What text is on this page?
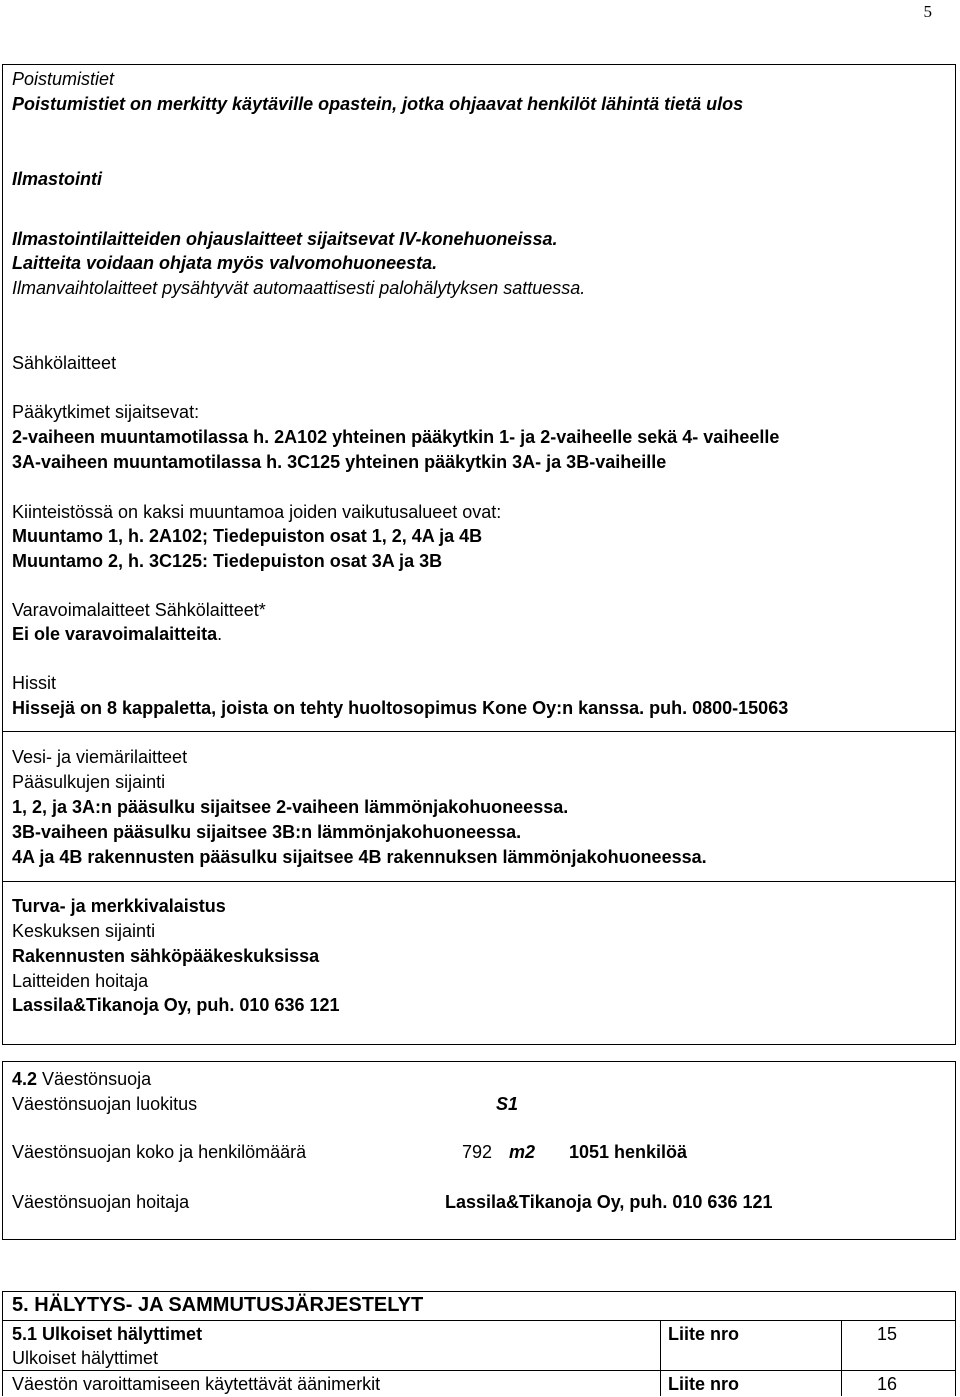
5
Poistumistiet
Poistumistiet on merkitty käytäville opastein, jotka ohjaavat henkilöt lähintä tietä ulos
Ilmastointi
Ilmastointilaitteiden ohjauslaitteet sijaitsevat IV-konehuoneissa.
Laitteita voidaan ohjata myös valvomohuoneesta.
Ilmanvaihtolaitteet pysähtyvät automaattisesti palohälytyksen sattuessa.
Sähkölaitteet
Pääkytkimet sijaitsevat:
2-vaiheen muuntamotilassa h. 2A102 yhteinen pääkytkin 1- ja 2-vaiheelle sekä 4- vaiheelle
3A-vaiheen muuntamotilassa h. 3C125 yhteinen pääkytkin 3A- ja 3B-vaiheille
Kiinteistössä on kaksi muuntamoa joiden vaikutusalueet ovat:
Muuntamo 1, h. 2A102; Tiedepuiston osat 1, 2, 4A ja 4B
Muuntamo 2, h. 3C125: Tiedepuiston osat 3A ja 3B
Varavoimalaitteet Sähkölaitteet*
Ei ole varavoimalaitteita.
Hissit
Hissejä on 8 kappaletta, joista on tehty huoltosopimus Kone Oy:n kanssa. puh. 0800-15063
Vesi- ja viemärilaitteet
Pääsulkujen sijainti
1, 2, ja 3A:n pääsulku sijaitsee 2-vaiheen lämmönjakohuoneessa.
3B-vaiheen pääsulku sijaitsee 3B:n lämmönjakohuoneessa.
4A ja 4B rakennusten pääsulku sijaitsee 4B rakennuksen lämmönjakohuoneessa.
Turva- ja merkkivalaistus
Keskuksen sijainti
Rakennusten sähköpääkeskuksissa
Laitteiden hoitaja
Lassila&Tikanoja Oy, puh. 010 636 121
4.2 Väestönsuoja
Väestönsuojan luokitus	S1
Väestönsuojan koko ja henkilömäärä	792 m2 1051 henkilöä
Väestönsuojan hoitaja	Lassila&Tikanoja Oy, puh. 010 636 121
5. HÄLYTYS- JA SAMMUTUSJÄRJESTELYT
5.1 Ulkoiset hälyttimet	Liite nro	15
Ulkoiset hälyttimet
Väestön varoittamiseen käytettävät äänimerkit	Liite nro	16
